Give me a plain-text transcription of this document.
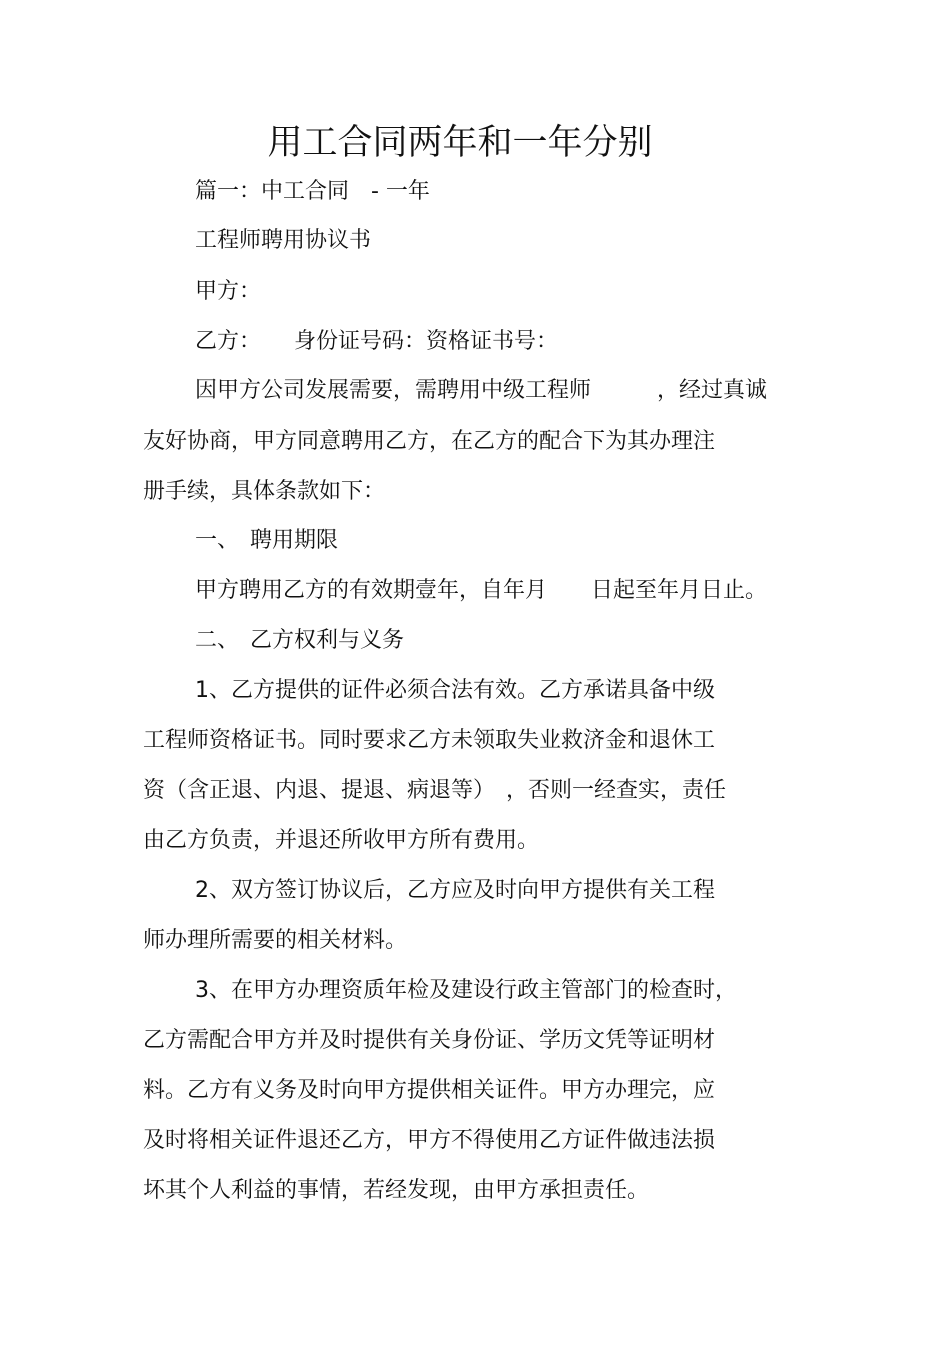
用工合同两年和一年分别
篇一：中工合同　- 一年
工程师聘用协议书
甲方：
乙方：　　身份证号码：资格证书号：
因甲方公司发展需要，需聘用中级工程师　　　，经过真诚
友好协商，甲方同意聘用乙方，在乙方的配合下为其办理注
册手续，具体条款如下：
一、　聘用期限
甲方聘用乙方的有效期壹年，自年月　　日起至年月日止。
二、　乙方权利与义务
1、乙方提供的证件必须合法有效。乙方承诺具备中级
工程师资格证书。同时要求乙方未领取失业救济金和退休工
资（含正退、内退、提退、病退等）　，否则一经查实，责任
由乙方负责，并退还所收甲方所有费用。
2、双方签订协议后，乙方应及时向甲方提供有关工程
师办理所需要的相关材料。
3、在甲方办理资质年检及建设行政主管部门的检查时，
乙方需配合甲方并及时提供有关身份证、学历文凭等证明材
料。乙方有义务及时向甲方提供相关证件。甲方办理完，应
及时将相关证件退还乙方，甲方不得使用乙方证件做违法损
坏其个人利益的事情，若经发现，由甲方承担责任。
